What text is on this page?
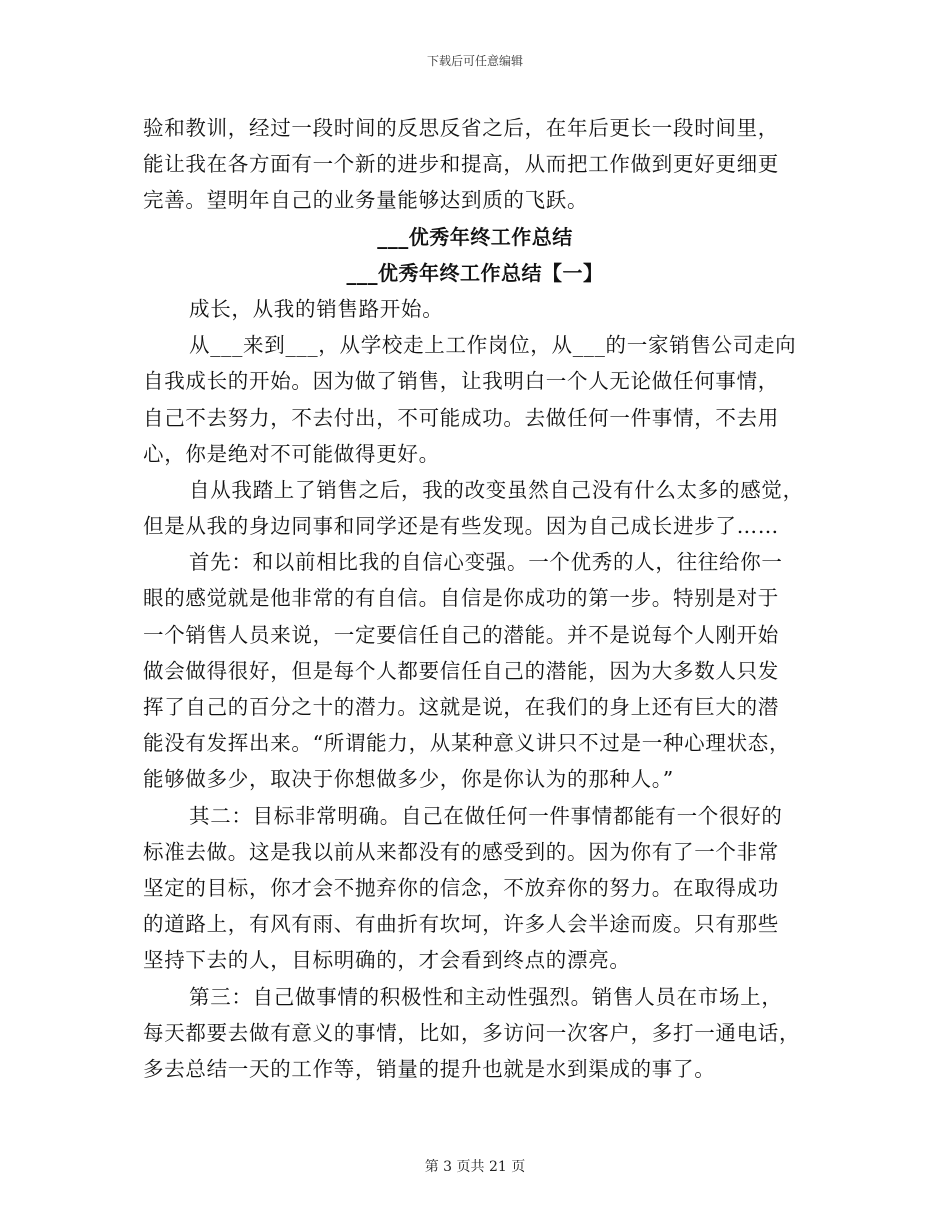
下载后可任意编辑
验和教训，经过一段时间的反思反省之后，在年后更长一段时间里，
能让我在各方面有一个新的进步和提高，从而把工作做到更好更细更
完善。望明年自己的业务量能够达到质的飞跃。
___优秀年终工作总结
___优秀年终工作总结【一】
成长，从我的销售路开始。
从___来到___，从学校走上工作岗位，从___的一家销售公司走向
自我成长的开始。因为做了销售，让我明白一个人无论做任何事情，
自己不去努力，不去付出，不可能成功。去做任何一件事情，不去用
心，你是绝对不可能做得更好。
自从我踏上了销售之后，我的改变虽然自己没有什么太多的感觉，
但是从我的身边同事和同学还是有些发现。因为自己成长进步了……
首先：和以前相比我的自信心变强。一个优秀的人，往往给你一
眼的感觉就是他非常的有自信。自信是你成功的第一步。特别是对于
一个销售人员来说，一定要信任自己的潜能。并不是说每个人刚开始
做会做得很好，但是每个人都要信任自己的潜能，因为大多数人只发
挥了自己的百分之十的潜力。这就是说，在我们的身上还有巨大的潜
能没有发挥出来。“所谓能力，从某种意义讲只不过是一种心理状态，
能够做多少，取决于你想做多少，你是你认为的那种人。”
其二：目标非常明确。自己在做任何一件事情都能有一个很好的
标准去做。这是我以前从来都没有的感受到的。因为你有了一个非常
坚定的目标，你才会不抛弃你的信念，不放弃你的努力。在取得成功
的道路上，有风有雨、有曲折有坎坷，许多人会半途而废。只有那些
坚持下去的人，目标明确的，才会看到终点的漂亮。
第三：自己做事情的积极性和主动性强烈。销售人员在市场上，
每天都要去做有意义的事情，比如，多访问一次客户，多打一通电话，
多去总结一天的工作等，销量的提升也就是水到渠成的事了。
第 3 页共 21 页
